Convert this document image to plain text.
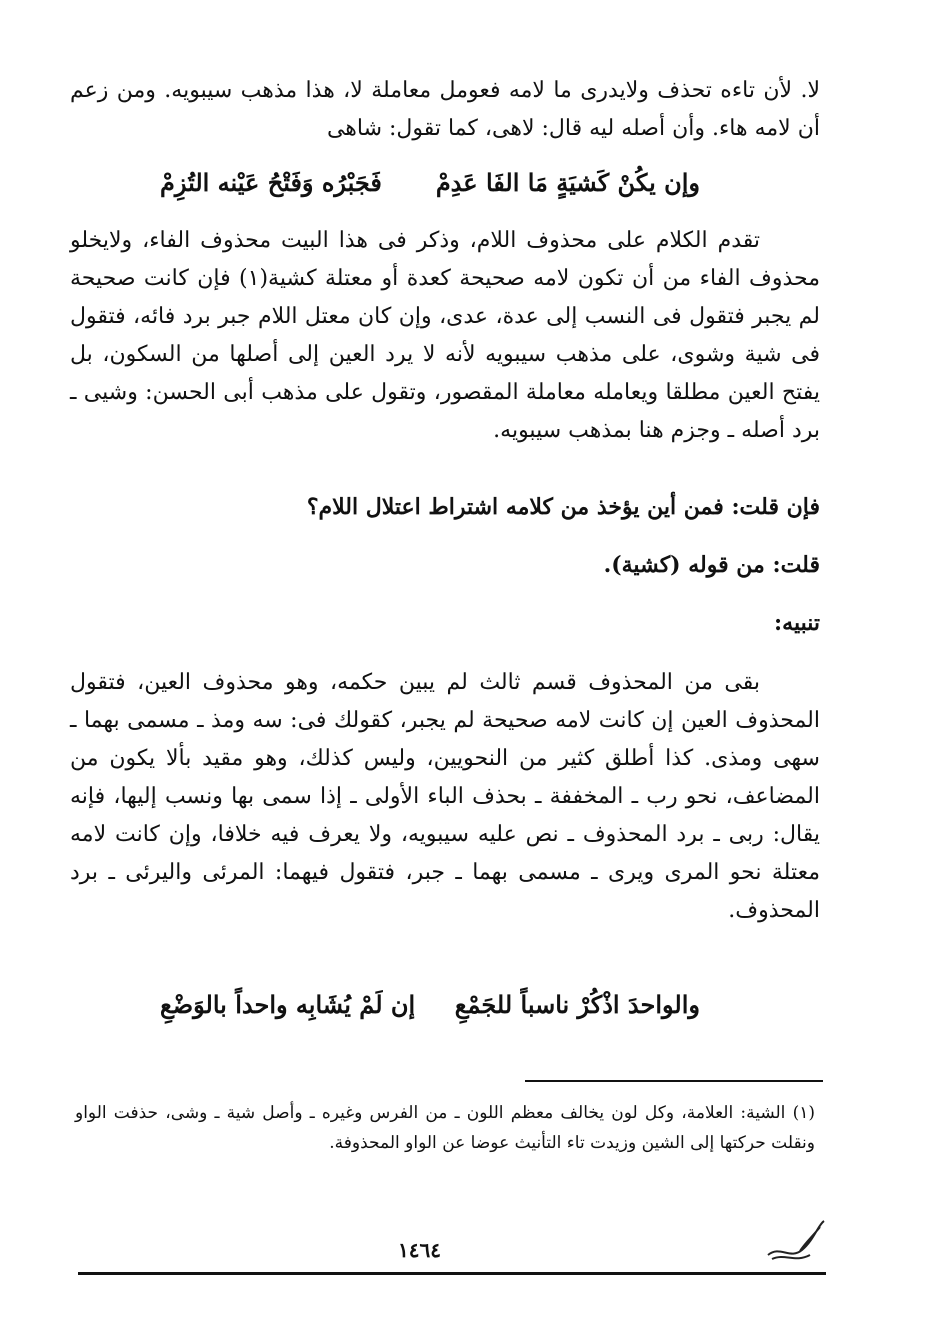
لا. لأن تاءه تحذف ولايدرى ما لامه فعومل معاملة لا، هذا مذهب سيبويه. ومن زعم أن لامه هاء. وأن أصله ليه قال: لاهى، كما تقول: شاهى

وإن يكُنْ كَشيَةٍ مَا الفَا عَدِمْ
فَجَبْرُه وَفَتْحُ عَيْنه التُزِمْ

تقدم الكلام على محذوف اللام، وذكر فى هذا البيت محذوف الفاء، ولايخلو محذوف الفاء من أن تكون لامه صحيحة كعدة أو معتلة كشية(١) فإن كانت صحيحة لم يجبر فتقول فى النسب إلى عدة، عدى، وإن كان معتل اللام جبر برد فائه، فتقول فى شية وشوى، على مذهب سيبويه لأنه لا يرد العين إلى أصلها من السكون، بل يفتح العين مطلقا ويعامله معاملة المقصور، وتقول على مذهب أبى الحسن: وشيى ـ برد أصله ـ وجزم هنا بمذهب سيبويه.

فإن قلت: فمن أين يؤخذ من كلامه اشتراط اعتلال اللام؟
قلت: من قوله (كشية).
تنبيه:

بقى من المحذوف قسم ثالث لم يبين حكمه، وهو محذوف العين، فتقول المحذوف العين إن كانت لامه صحيحة لم يجبر، كقولك فى: سه ومذ ـ مسمى بهما ـ سهى ومذى. كذا أطلق كثير من النحويين، وليس كذلك، وهو مقيد بألا يكون من المضاعف، نحو رب ـ المخففة ـ بحذف الباء الأولى ـ إذا سمى بها ونسب إليها، فإنه يقال: ربى ـ برد المحذوف ـ نص عليه سيبويه، ولا يعرف فيه خلافا، وإن كانت لامه معتلة نحو المرى ويرى ـ مسمى بهما ـ جبر، فتقول فيهما: المرئى واليرئى ـ برد المحذوف.

والواحدَ اذْكُرْ ناسباً للجَمْعِ
إن لَمْ يُشَابِه واحداً بالوَضْعِ

(١) الشية: العلامة، وكل لون يخالف معظم اللون ـ من الفرس وغيره ـ وأصل شية ـ وشى، حذفت الواو ونقلت حركتها إلى الشين وزيدت تاء التأنيث عوضا عن الواو المحذوفة.

١٤٦٤
